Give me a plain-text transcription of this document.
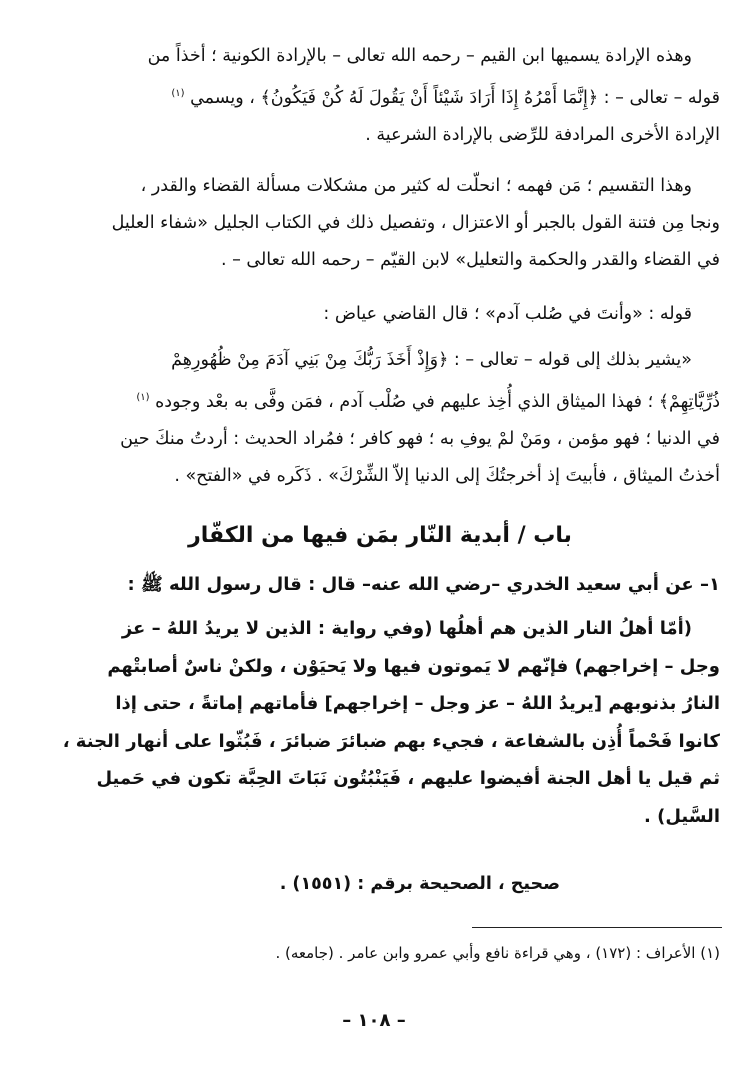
وهذه الإرادة يسميها ابن القيم – رحمه الله تعالى – بالإرادة الكونية ؛ أخذاً من

قوله – تعالى – : ﴿إِنَّمَا أَمْرُهُ إِذَا أَرَادَ شَيْئاً أَنْ يَقُولَ لَهُ كُنْ فَيَكُونُ﴾ ، ويسمي $^{(١)}$

الإرادة الأخرى المرادفة للرِّضى بالإرادة الشرعية .

وهذا التقسيم ؛ مَن فهمه ؛ انحلّت له كثير من مشكلات مسألة القضاء والقدر ،

ونجا مِن فتنة القول بالجبر أو الاعتزال ، وتفصيل ذلك في الكتاب الجليل «شفاء العليل

في القضاء والقدر والحكمة والتعليل» لابن القيّم – رحمه الله تعالى – .

قوله : «وأنتَ في صُلب آدم» ؛ قال القاضي عياض :

«يشير بذلك إلى قوله – تعالى – : ﴿وَإِذْ أَخَذَ رَبُّكَ مِنْ بَنِي آدَمَ مِنْ ظُهُورِهِمْ

ذُرِّيَّاتِهِمْ﴾ ؛ فهذا الميثاق الذي أُخِذ عليهم في صُلْب آدم ، فمَن وفَّى به بعْد وجوده $^{(١)}$

في الدنيا ؛ فهو مؤمن ، ومَنْ لمْ يوفِ به ؛ فهو كافر ؛ فمُراد الحديث : أردتُ منكَ حين

أخذتُ الميثاق ، فأبيتَ إذ أخرجتُكَ إلى الدنيا إلاّ الشِّرْكَ» . ذَكَره في «الفتح» .

باب / أبدية النّار بمَن فيها من الكفّار
١– عن أبي سعيد الخدري –رضي الله عنه– قال : قال رسول الله ﷺ :

(أمّا أهلُ النار الذين هم أهلُها (وفي رواية : الذين لا يريدُ اللهُ – عز

وجل – إخراجهم) فإنّهم لا يَموتون فيها ولا يَحيَوْن ، ولكنْ ناسٌ أصابتْهم

النارُ بذنوبهم [يريدُ اللهُ – عز وجل – إخراجهم] فأماتهم إماتةً ، حتى إذا

كانوا فَحْماً أُذِن بالشفاعة ، فجيء بهم ضبائرَ ضبائرَ ، فَبُثّوا على أنهار الجنة ،

ثم قيل يا أهل الجنة أفيضوا عليهم ، فَيَنْبُتُون نَبَاتَ الحِبَّة تكون في حَميل

السَّيل) .

صحيح ، الصحيحة برقم : (١٥٥١) .
(١) الأعراف : (١٧٢) ، وهي قراءة نافع وأبي عمرو وابن عامر . (جامعه) .
– ١٠٨ –
